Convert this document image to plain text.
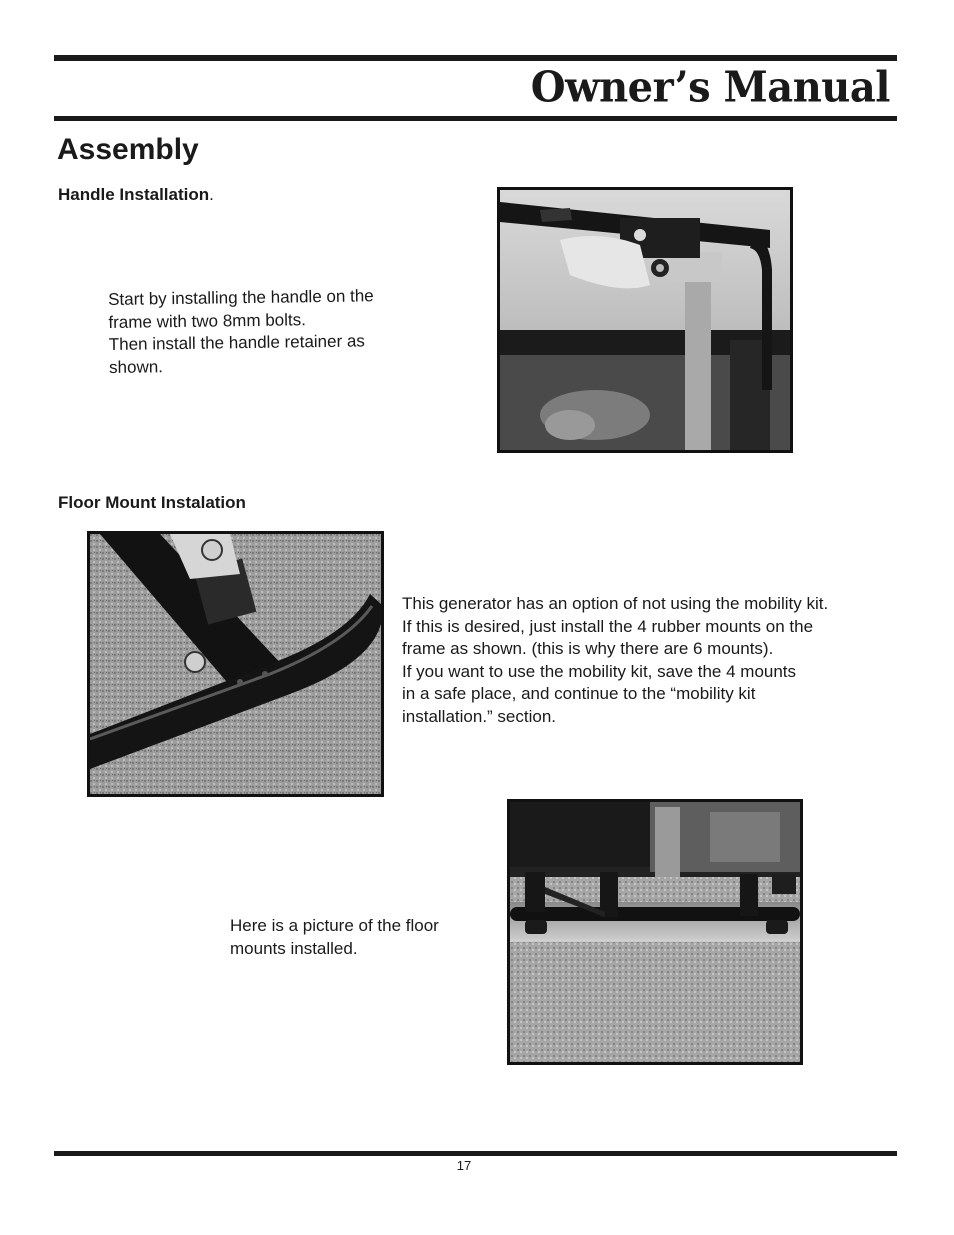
Owner’s Manual
Assembly
Handle Installation.

Start by installing the handle on the
frame with two 8mm bolts.
Then install the handle retainer as
shown.

Floor Mount Instalation

This generator has an option of not using the mobility kit.
If this is desired, just install the 4 rubber mounts on the
frame as shown. (this is why there are 6 mounts).
If you want to use the mobility kit, save the 4 mounts
in a safe place, and continue to the “mobility kit
installation.” section.

Here is a picture of the floor
mounts installed.

17
